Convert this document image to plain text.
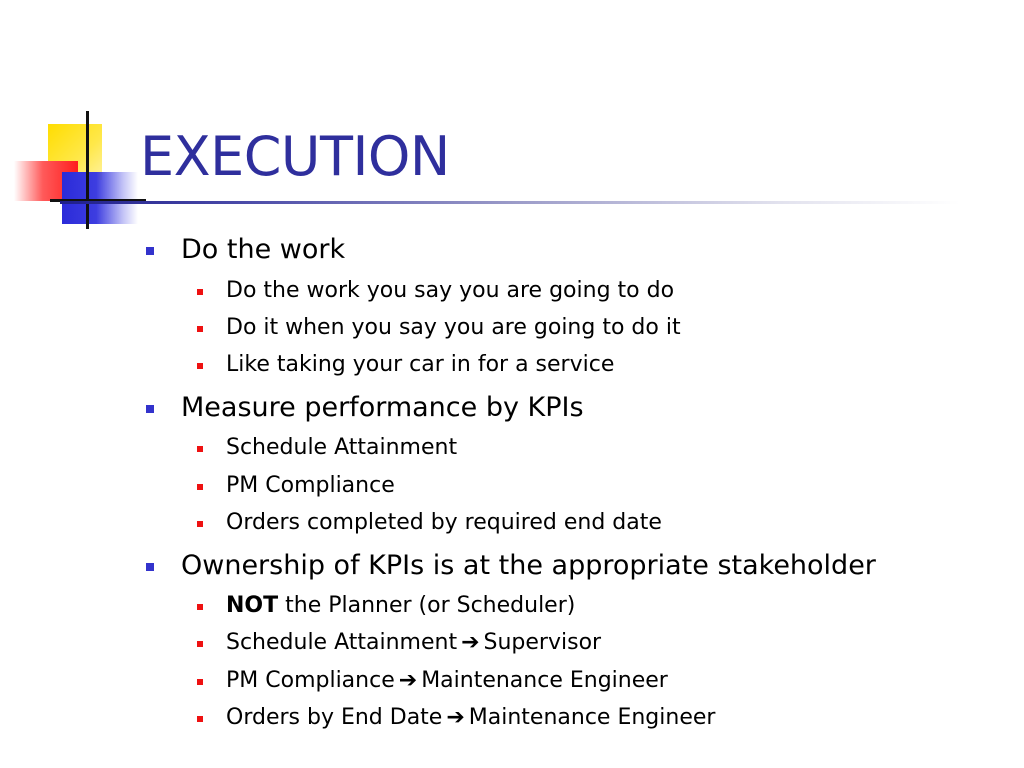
EXECUTION
Do the work
Do the work you say you are going to do
Do it when you say you are going to do it
Like taking your car in for a service
Measure performance by KPIs
Schedule Attainment
PM Compliance
Orders completed by required end date
Ownership of KPIs is at the appropriate stakeholder
NOT the Planner (or Scheduler)
Schedule Attainment ➔ Supervisor
PM Compliance ➔ Maintenance Engineer
Orders by End Date ➔ Maintenance Engineer
